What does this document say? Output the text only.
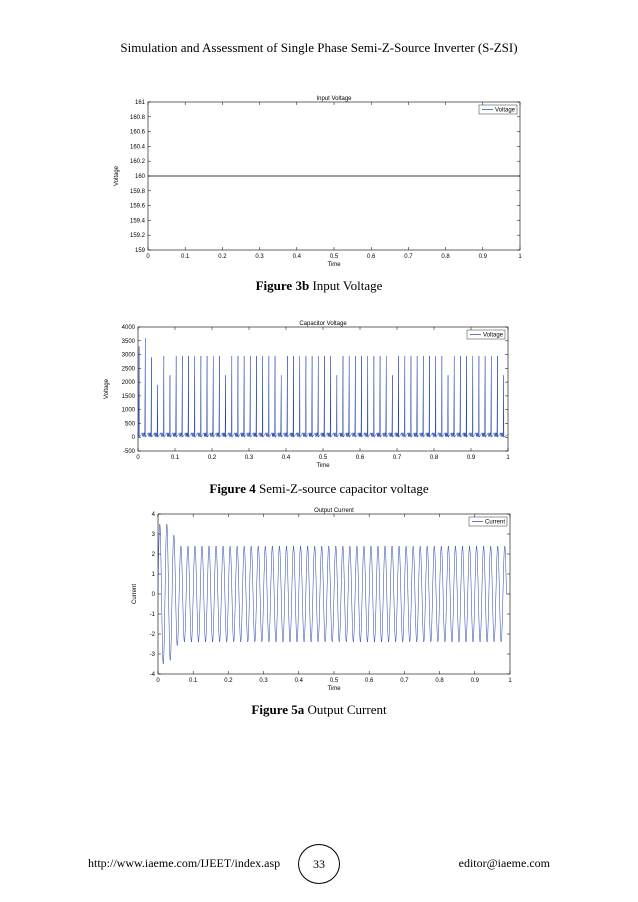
Simulation and Assessment of Single Phase Semi-Z-Source Inverter (S-ZSI)
Input Voltage
Time
Voltage
0	0.1	0.2	0.3	0.4	0.5	0.6	0.7	0.8	0.9	1
159
159.2
159.4
159.6
159.8
160
160.2
160.4
160.6
160.8
161
Voltage
Figure 3b Input Voltage
Capacitor Voltage
Time
Voltage
0	0.1	0.2	0.3	0.4	0.5	0.6	0.7	0.8	0.9	1
-500
0
500
1000
1500
2000
2500
3000
3500
4000
Voltage
Figure 4 Semi-Z-source capacitor voltage
Output Current
Time
Current
0	0.1	0.2	0.3	0.4	0.5	0.6	0.7	0.8	0.9	1
-4
-3
-2
-1
0
1
2
3
4
Current
Figure 5a Output Current
http://www.iaeme.com/IJEET/index.asp	33	editor@iaeme.com
